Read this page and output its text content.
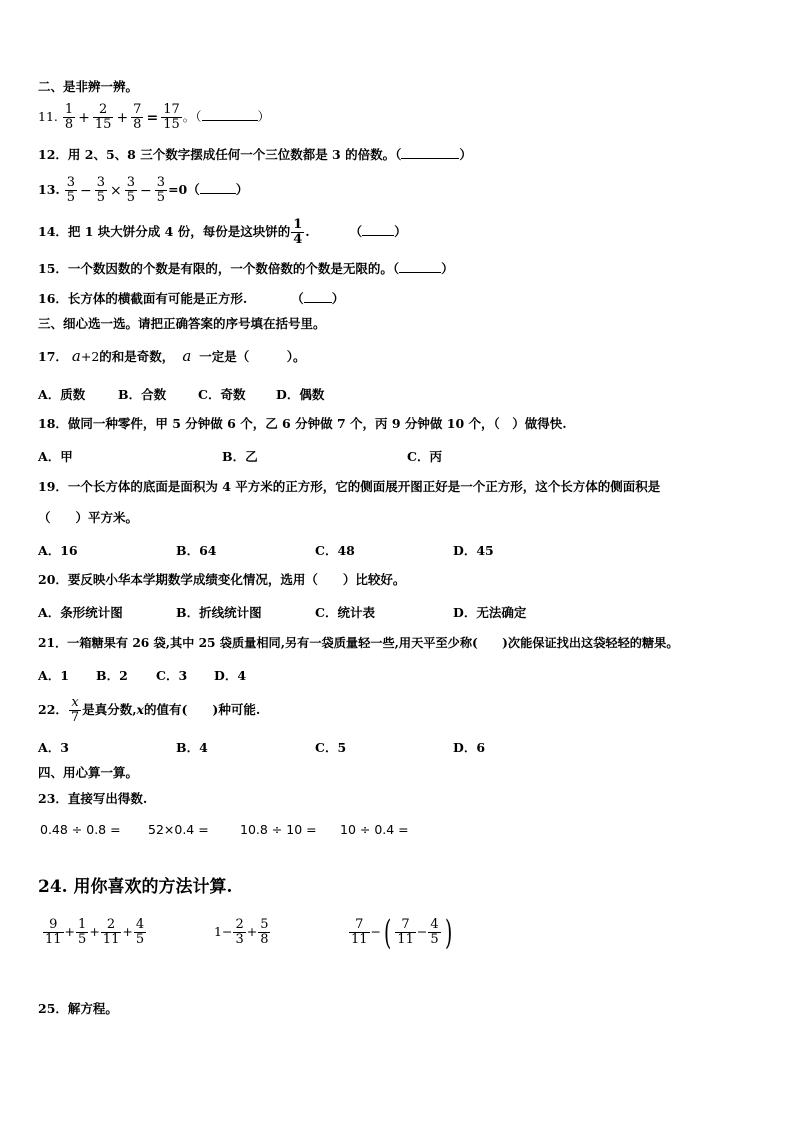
二、是非辨一辨。
11. $\frac{1}{8} + \frac{2}{15} + \frac{7}{8} = \frac{17}{15}$ 。（	）
12．用 2、5、8 三个数字摆成任何一个三位数都是 3 的倍数。（	）
13. $\frac{3}{5} - \frac{3}{5} \times \frac{3}{5} - \frac{3}{5} =0$（	）
14．把 1 块大饼分成 4 份，每份是这块饼的 $\frac{1}{4}$ .	（	）
15．一个数因数的个数是有限的，一个数倍数的个数是无限的。（	）
16．长方体的横截面有可能是正方形.	（ ）
三、细心选一选。请把正确答案的序号填在括号里。
17． a+2的和是奇数， a 一定是（　　　）。
A．质数	B．合数	C．奇数 D．偶数
18．做同一种零件，甲 5 分钟做 6 个，乙 6 分钟做 7 个，丙 9 分钟做 10 个，（　）做得快.
A．甲	B．乙	C．丙
19．一个长方体的底面是面积为 4 平方米的正方形，它的侧面展开图正好是一个正方形，这个长方体的侧面积是
（　　）平方米。
A．16	B．64	C．48	D．45
20．要反映小华本学期数学成绩变化情况，选用（　　）比较好。
A．条形统计图	B．折线统计图	C．统计表	D．无法确定
21．一箱糖果有 26 袋,其中 25 袋质量相同,另有一袋质量轻一些,用天平至少称(　　)次能保证找出这袋轻轻的糖果。
A．1 B．2 C．3 D．4
22． $\frac{x}{7}$ 是真分数,x的值有(　　)种可能.
A．3	B．4	C．5	D．6
四、用心算一算。
23．直接写出得数.
0.48 ÷ 0.8 = 52×0.4 =	10.8 ÷ 10 = 10 ÷ 0.4 =
24. 用你喜欢的方法计算.
$\frac{9}{11} + \frac{1}{5} + \frac{2}{11} + \frac{4}{5}$	$1- \frac{2}{3} + \frac{5}{8}$	$\frac{7}{11}$ −( $\frac{7}{11} - \frac{4}{5}$ )
25．解方程。
